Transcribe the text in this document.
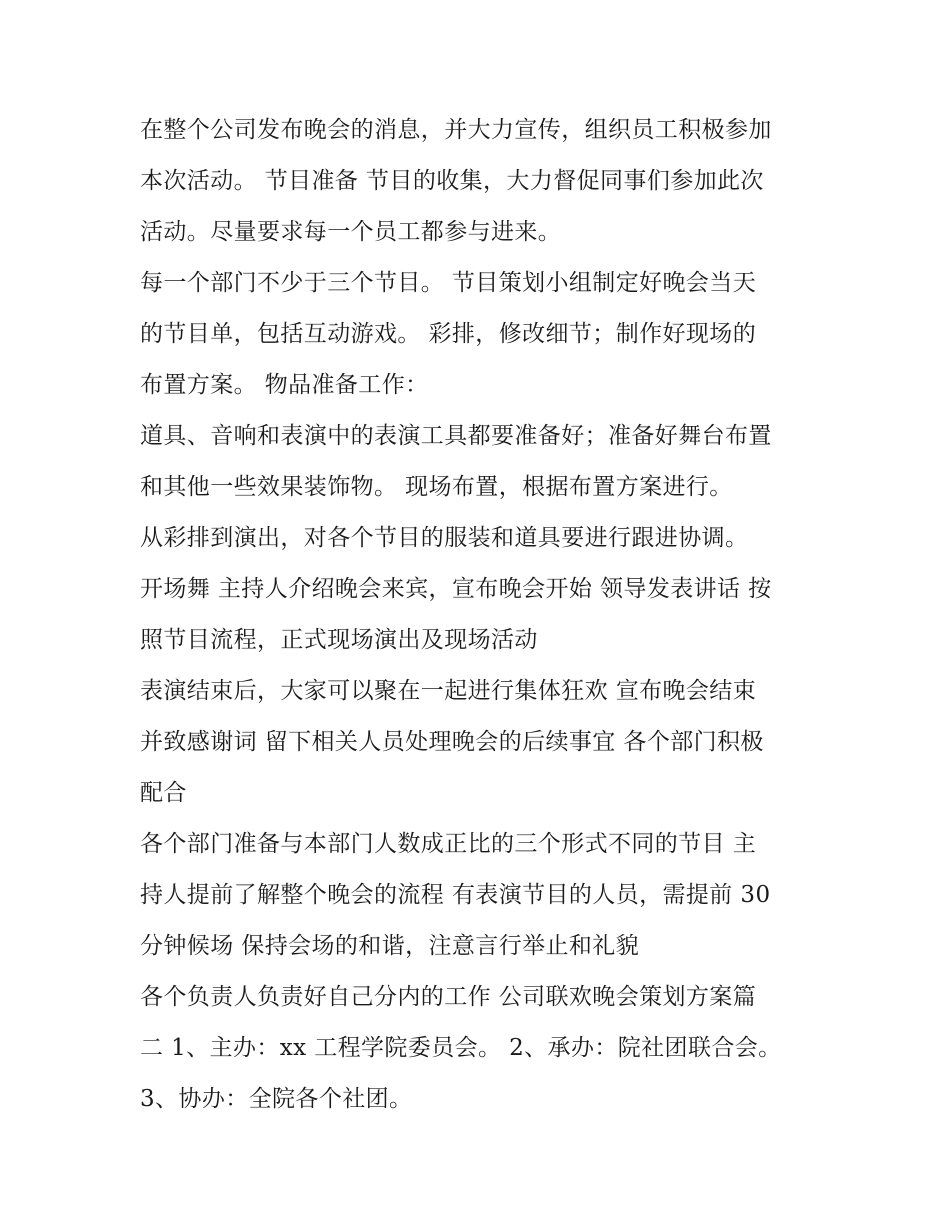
在整个公司发布晚会的消息，并大力宣传，组织员工积极参加
本次活动。 节目准备 节目的收集，大力督促同事们参加此次
活动。尽量要求每一个员工都参与进来。
每一个部门不少于三个节目。 节目策划小组制定好晚会当天
的节目单，包括互动游戏。 彩排，修改细节；制作好现场的
布置方案。 物品准备工作：
道具、音响和表演中的表演工具都要准备好；准备好舞台布置
和其他一些效果装饰物。 现场布置，根据布置方案进行。
从彩排到演出，对各个节目的服装和道具要进行跟进协调。
开场舞 主持人介绍晚会来宾，宣布晚会开始 领导发表讲话 按
照节目流程，正式现场演出及现场活动
表演结束后，大家可以聚在一起进行集体狂欢 宣布晚会结束
并致感谢词 留下相关人员处理晚会的后续事宜 各个部门积极
配合
各个部门准备与本部门人数成正比的三个形式不同的节目 主
持人提前了解整个晚会的流程 有表演节目的人员，需提前 30
分钟候场 保持会场的和谐，注意言行举止和礼貌
各个负责人负责好自己分内的工作 公司联欢晚会策划方案篇
二 1、主办：xx 工程学院委员会。 2、承办：院社团联合会。
3、协办：全院各个社团。
